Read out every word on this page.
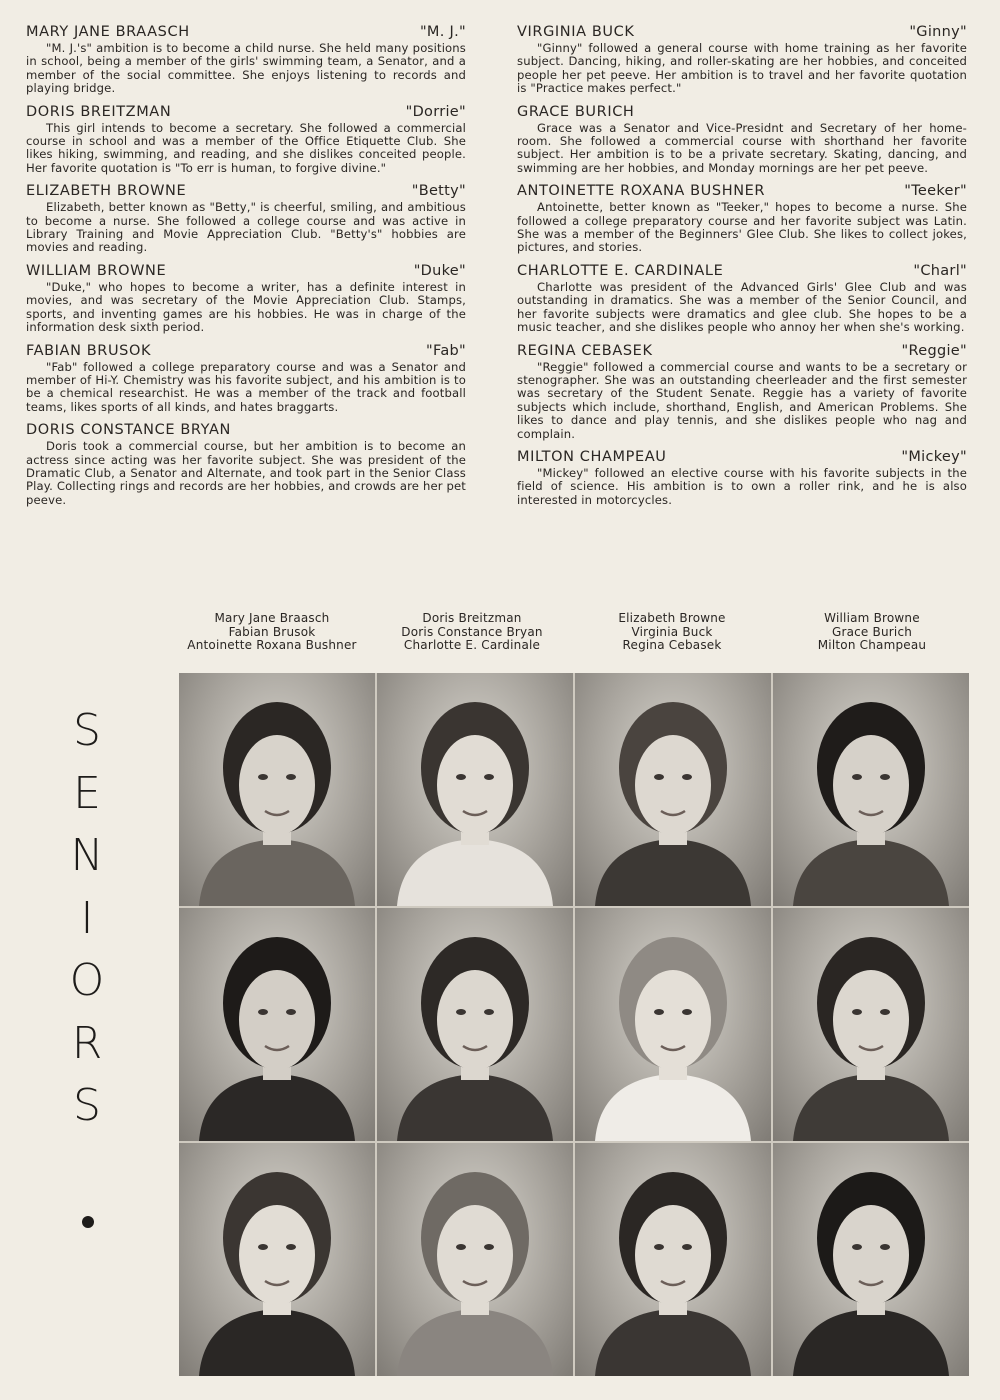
MARY JANE BRAASCH	"M. J."

"M. J.'s" ambition is to become a child nurse. She held many positions in school, being a member of the girls' swimming team, a Senator, and a member of the social committee. She enjoys listening to records and playing bridge.

DORIS BREITZMAN	"Dorrie"

This girl intends to become a secretary. She followed a commercial course in school and was a member of the Office Etiquette Club. She likes hiking, swimming, and reading, and she dislikes conceited people. Her favorite quotation is "To err is human, to forgive divine."

ELIZABETH BROWNE	"Betty"

Elizabeth, better known as "Betty," is cheerful, smiling, and ambitious to become a nurse. She followed a college course and was active in Library Training and Movie Appreciation Club. "Betty's" hobbies are movies and reading.

WILLIAM BROWNE	"Duke"

"Duke," who hopes to become a writer, has a definite interest in movies, and was secretary of the Movie Appreciation Club. Stamps, sports, and inventing games are his hobbies. He was in charge of the information desk sixth period.

FABIAN BRUSOK	"Fab"

"Fab" followed a college preparatory course and was a Senator and member of Hi-Y. Chemistry was his favorite subject, and his ambition is to be a chemical researchist. He was a member of the track and football teams, likes sports of all kinds, and hates braggarts.

DORIS CONSTANCE BRYAN

Doris took a commercial course, but her ambition is to become an actress since acting was her favorite subject. She was president of the Dramatic Club, a Senator and Alternate, and took part in the Senior Class Play. Collecting rings and records are her hobbies, and crowds are her pet peeve.

VIRGINIA BUCK	"Ginny"

"Ginny" followed a general course with home training as her favorite subject. Dancing, hiking, and roller-skating are her hobbies, and conceited people her pet peeve. Her ambition is to travel and her favorite quotation is "Practice makes perfect."

GRACE BURICH

Grace was a Senator and Vice-Presidnt and Secretary of her home-room. She followed a commercial course with shorthand her favorite subject. Her ambition is to be a private secretary. Skating, dancing, and swimming are her hobbies, and Monday mornings are her pet peeve.

ANTOINETTE ROXANA BUSHNER	"Teeker"

Antoinette, better known as "Teeker," hopes to become a nurse. She followed a college preparatory course and her favorite subject was Latin. She was a member of the Beginners' Glee Club. She likes to collect jokes, pictures, and stories.

CHARLOTTE E. CARDINALE	"Charl"

Charlotte was president of the Advanced Girls' Glee Club and was outstanding in dramatics. She was a member of the Senior Council, and her favorite subjects were dramatics and glee club. She hopes to be a music teacher, and she dislikes people who annoy her when she's working.

REGINA CEBASEK	"Reggie"

"Reggie" followed a commercial course and wants to be a secretary or stenographer. She was an outstanding cheerleader and the first semester was secretary of the Student Senate. Reggie has a variety of favorite subjects which include, shorthand, English, and American Problems. She likes to dance and play tennis, and she dislikes people who nag and complain.

MILTON CHAMPEAU	"Mickey"

"Mickey" followed an elective course with his favorite subjects in the field of science. His ambition is to own a roller rink, and he is also interested in motorcycles.

Mary Jane Braasch
Fabian Brusok
Antoinette Roxana Bushner
Doris Breitzman
Doris Constance Bryan
Charlotte E. Cardinale
Elizabeth Browne
Virginia Buck
Regina Cebasek
William Browne
Grace Burich
Milton Champeau
S
E
N
I
O
R
S
